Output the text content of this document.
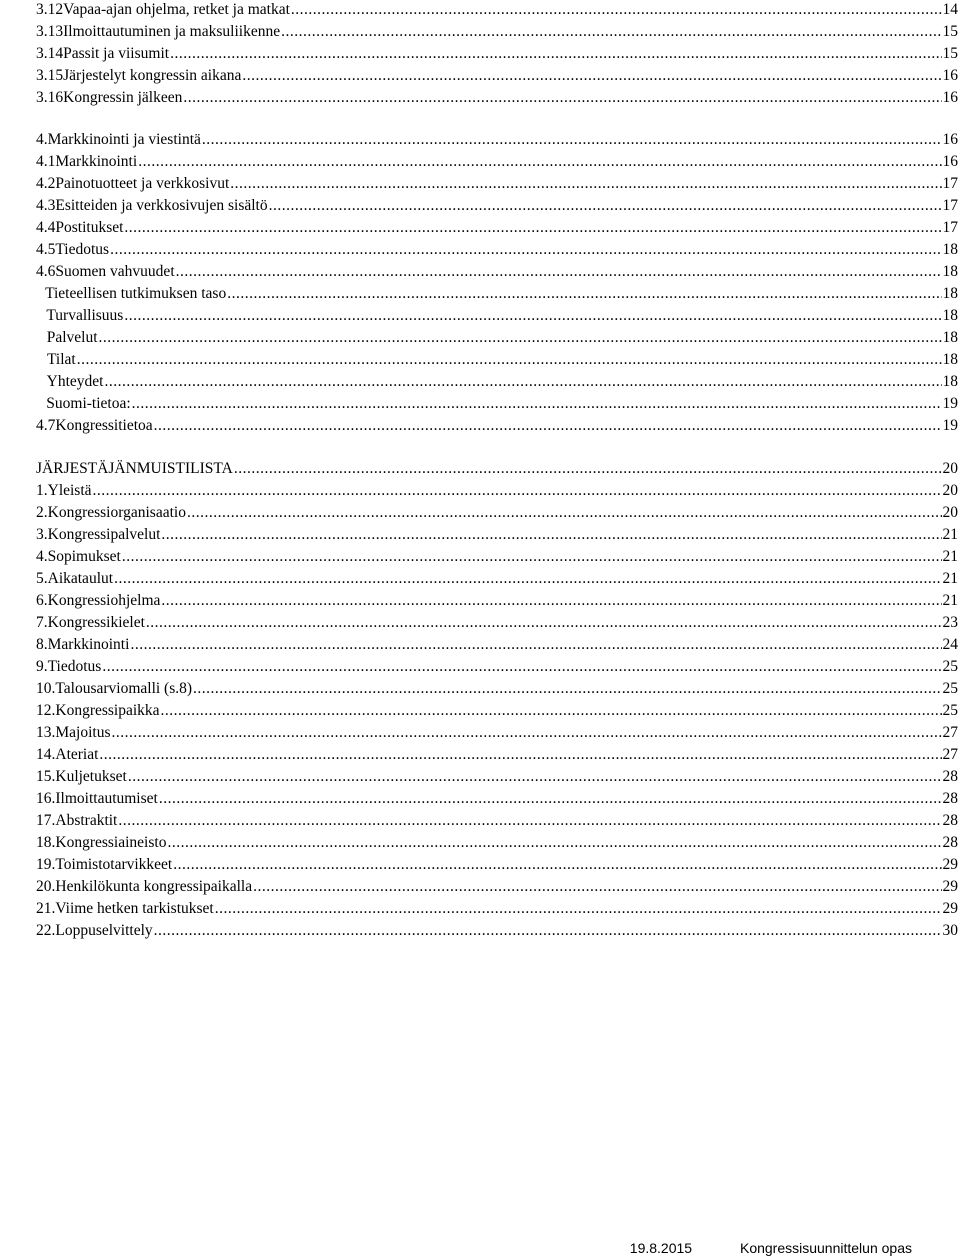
3.12 Vapaa-ajan ohjelma, retket ja matkat .....	14
3.13 Ilmoittautuminen ja maksuliikenne .....	15
3.14 Passit ja viisumit .....	15
3.15 Järjestelyt kongressin aikana .....	16
3.16 Kongressin jälkeen .....	16
4. Markkinointi ja viestintä .....	16
4.1 Markkinointi .....	16
4.2 Painotuotteet ja verkkosivut .....	17
4.3 Esitteiden ja verkkosivujen sisältö .....	17
4.4 Postitukset .....	17
4.5 Tiedotus .....	18
4.6 Suomen vahvuudet .....	18
Tieteellisen tutkimuksen taso .....	18
Turvallisuus .....	18
Palvelut .....	18
Tilat .....	18
Yhteydet .....	18
Suomi-tietoa: .....	19
4.7 Kongressitietoa .....	19
JÄRJESTÄJÄNMUISTILISTA .....	20
1. Yleistä .....	20
2. Kongressiorganisaatio .....	20
3. Kongressipalvelut .....	21
4. Sopimukset .....	21
5. Aikataulut .....	21
6. Kongressiohjelma .....	21
7. Kongressikielet .....	23
8. Markkinointi .....	24
9. Tiedotus .....	25
10. Talousarviomalli (s.8) .....	25
12. Kongressipaikka .....	25
13. Majoitus .....	27
14. Ateriat .....	27
15. Kuljetukset .....	28
16. Ilmoittautumiset .....	28
17. Abstraktit .....	28
18. Kongressiaineisto .....	28
19. Toimistotarvikkeet .....	29
20. Henkilökunta kongressipaikalla .....	29
21. Viime hetken tarkistukset .....	29
22. Loppuselvittely .....	30
19.8.2015	Kongressisuunnittelun opas
